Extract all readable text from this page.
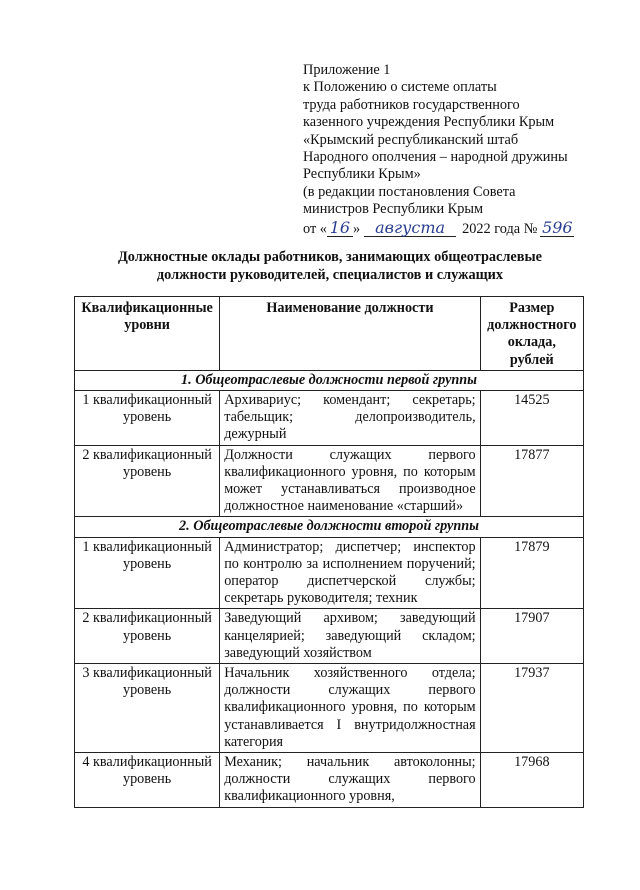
Приложение 1
к Положению о системе оплаты
труда работников государственного
казенного учреждения Республики Крым
«Крымский республиканский штаб
Народного ополчения – народной дружины
Республики Крым»
(в редакции постановления Совета
министров Республики Крым
от « 16 » августа	2022 года № 596
Должностные оклады работников, занимающих общеотраслевые
должности руководителей, специалистов и служащих
Квалификационные уровни	Наименование должности	Размер должностного оклада, рублей
1. Общеотраслевые должности первой группы		
1 квалификационный уровень	Архивариус; комендант; секретарь; табельщик; делопроизводитель, дежурный	14525
2 квалификационный уровень	Должности служащих первого квалификационного уровня, по которым может устанавливаться производное должностное наименование «старший»	17877
2. Общеотраслевые должности второй группы		
1 квалификационный уровень	Администратор; диспетчер; инспектор по контролю за исполнением поручений; оператор диспетчерской службы; секретарь руководителя; техник	17879
2 квалификационный уровень	Заведующий архивом; заведующий канцелярией; заведующий складом; заведующий хозяйством	17907
3 квалификационный уровень	Начальник хозяйственного отдела; должности служащих первого квалификационного уровня, по которым устанавливается I внутридолжностная категория	17937
4 квалификационный уровень	Механик; начальник автоколонны; должности служащих первого квалификационного уровня,	17968
